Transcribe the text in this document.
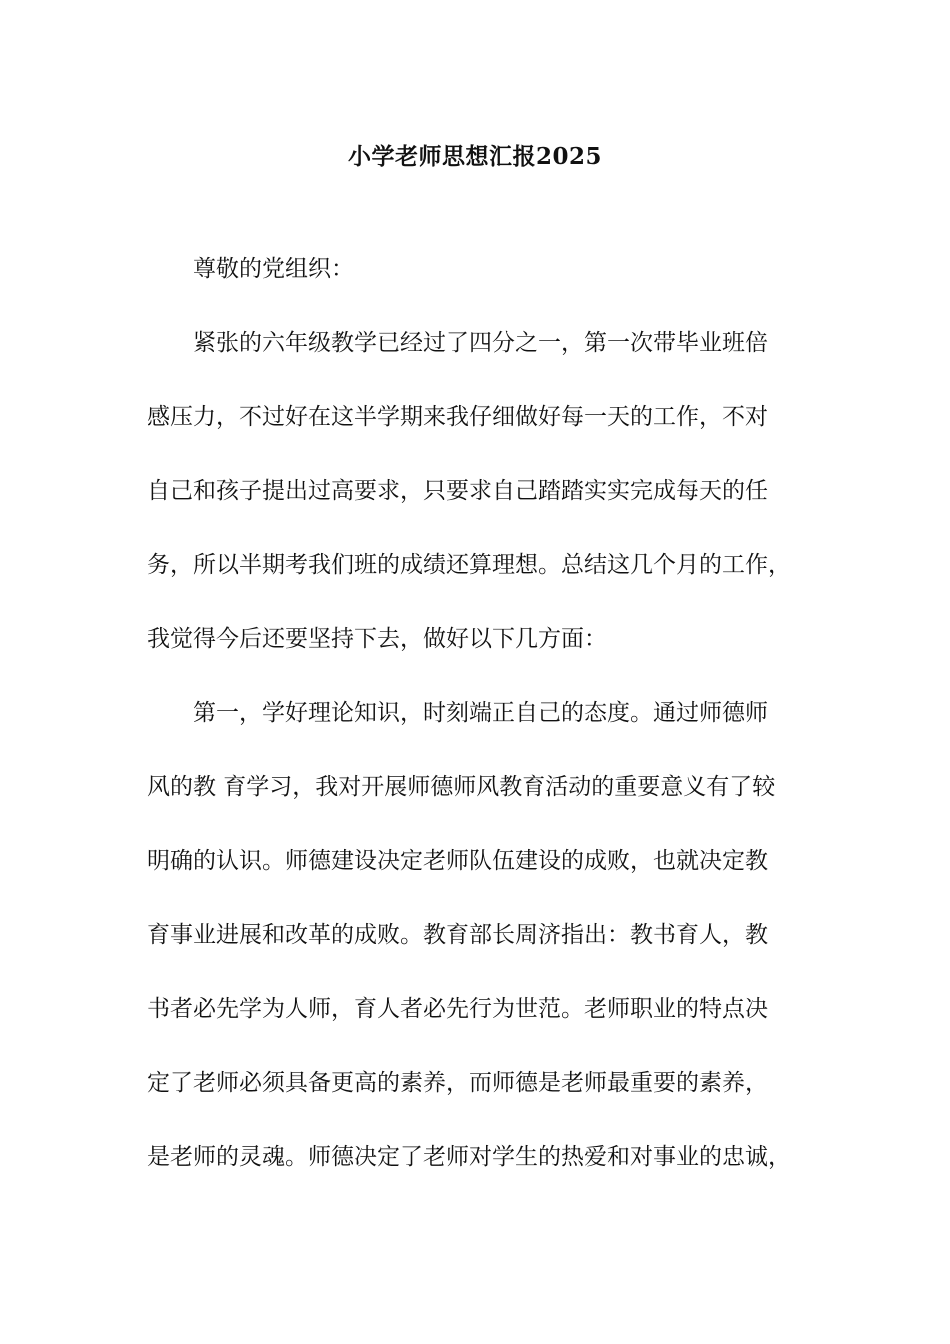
小学老师思想汇报2025
尊敬的党组织：
紧张的六年级教学已经过了四分之一，第一次带毕业班倍
感压力，不过好在这半学期来我仔细做好每一天的工作，不对
自己和孩子提出过高要求，只要求自己踏踏实实完成每天的任
务，所以半期考我们班的成绩还算理想。总结这几个月的工作，
我觉得今后还要坚持下去，做好以下几方面：
第一，学好理论知识，时刻端正自己的态度。通过师德师
风的教 育学习，我对开展师德师风教育活动的重要意义有了较
明确的认识。师德建设决定老师队伍建设的成败，也就决定教
育事业进展和改革的成败。教育部长周济指出：教书育人，教
书者必先学为人师，育人者必先行为世范。老师职业的特点决
定了老师必须具备更高的素养，而师德是老师最重要的素养，
是老师的灵魂。师德决定了老师对学生的热爱和对事业的忠诚，
